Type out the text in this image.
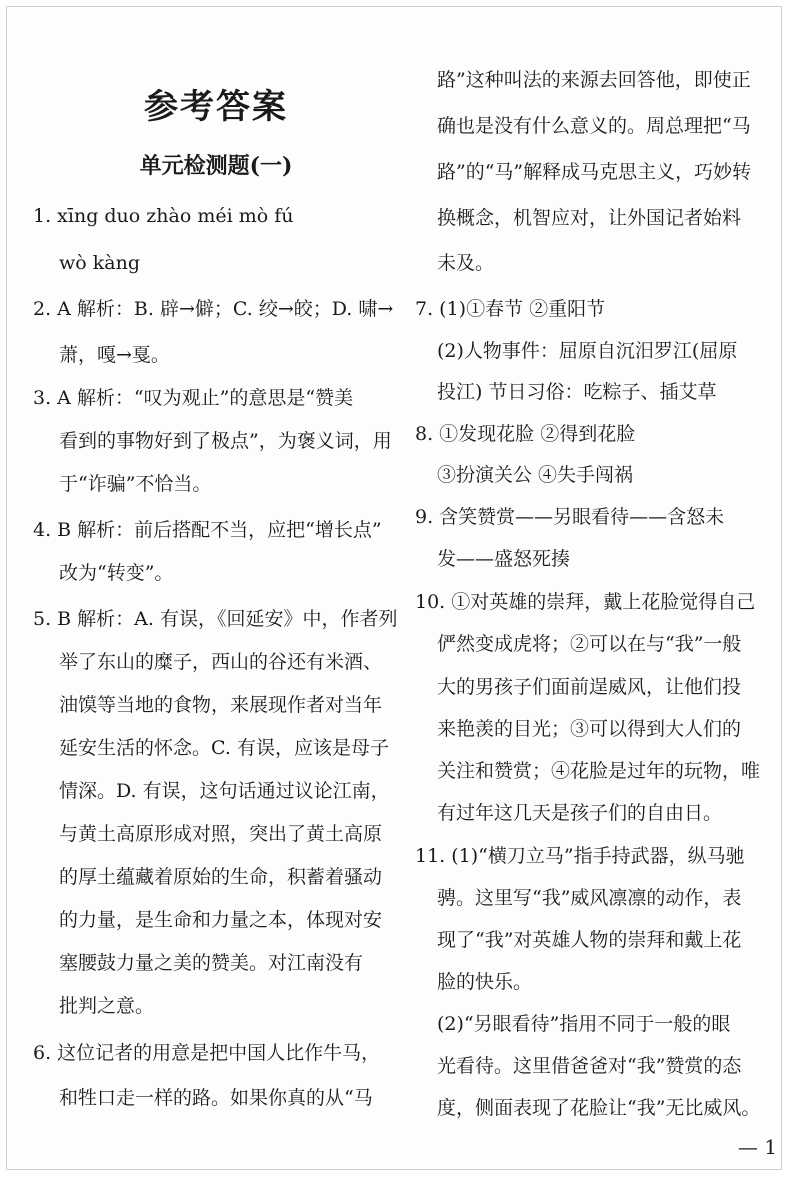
参考答案
单元检测题(一)
1. xīng duo zhào méi mò fú
wò kàng
2. A 解析：B. 辟→僻；C. 绞→皎；D. 啸→
萧，嘎→戛。
3. A 解析：“叹为观止”的意思是“赞美
看到的事物好到了极点”，为褒义词，用
于“诈骗”不恰当。
4. B 解析：前后搭配不当，应把“增长点”
改为“转变”。
5. B 解析：A. 有误，《回延安》中，作者列
举了东山的糜子，西山的谷还有米酒、
油馍等当地的食物，来展现作者对当年
延安生活的怀念。C. 有误，应该是母子
情深。D. 有误，这句话通过议论江南，
与黄土高原形成对照，突出了黄土高原
的厚土蕴藏着原始的生命，积蓄着骚动
的力量，是生命和力量之本，体现对安
塞腰鼓力量之美的赞美。对江南没有
批判之意。
6. 这位记者的用意是把中国人比作牛马，
和牲口走一样的路。如果你真的从“马
路”这种叫法的来源去回答他，即使正
确也是没有什么意义的。周总理把“马
路”的“马”解释成马克思主义，巧妙转
换概念，机智应对，让外国记者始料
未及。
7. (1)①春节 ②重阳节
(2)人物事件：屈原自沉汨罗江(屈原
投江) 节日习俗：吃粽子、插艾草
8. ①发现花脸 ②得到花脸
③扮演关公 ④失手闯祸
9. 含笑赞赏——另眼看待——含怒未
发——盛怒死揍
10. ①对英雄的崇拜，戴上花脸觉得自己
俨然变成虎将；②可以在与“我”一般
大的男孩子们面前逞威风，让他们投
来艳羡的目光；③可以得到大人们的
关注和赞赏；④花脸是过年的玩物，唯
有过年这几天是孩子们的自由日。
11. (1)“横刀立马”指手持武器，纵马驰
骋。这里写“我”威风凛凛的动作，表
现了“我”对英雄人物的崇拜和戴上花
脸的快乐。
(2)“另眼看待”指用不同于一般的眼
光看待。这里借爸爸对“我”赞赏的态
度，侧面表现了花脸让“我”无比威风。
— 1
